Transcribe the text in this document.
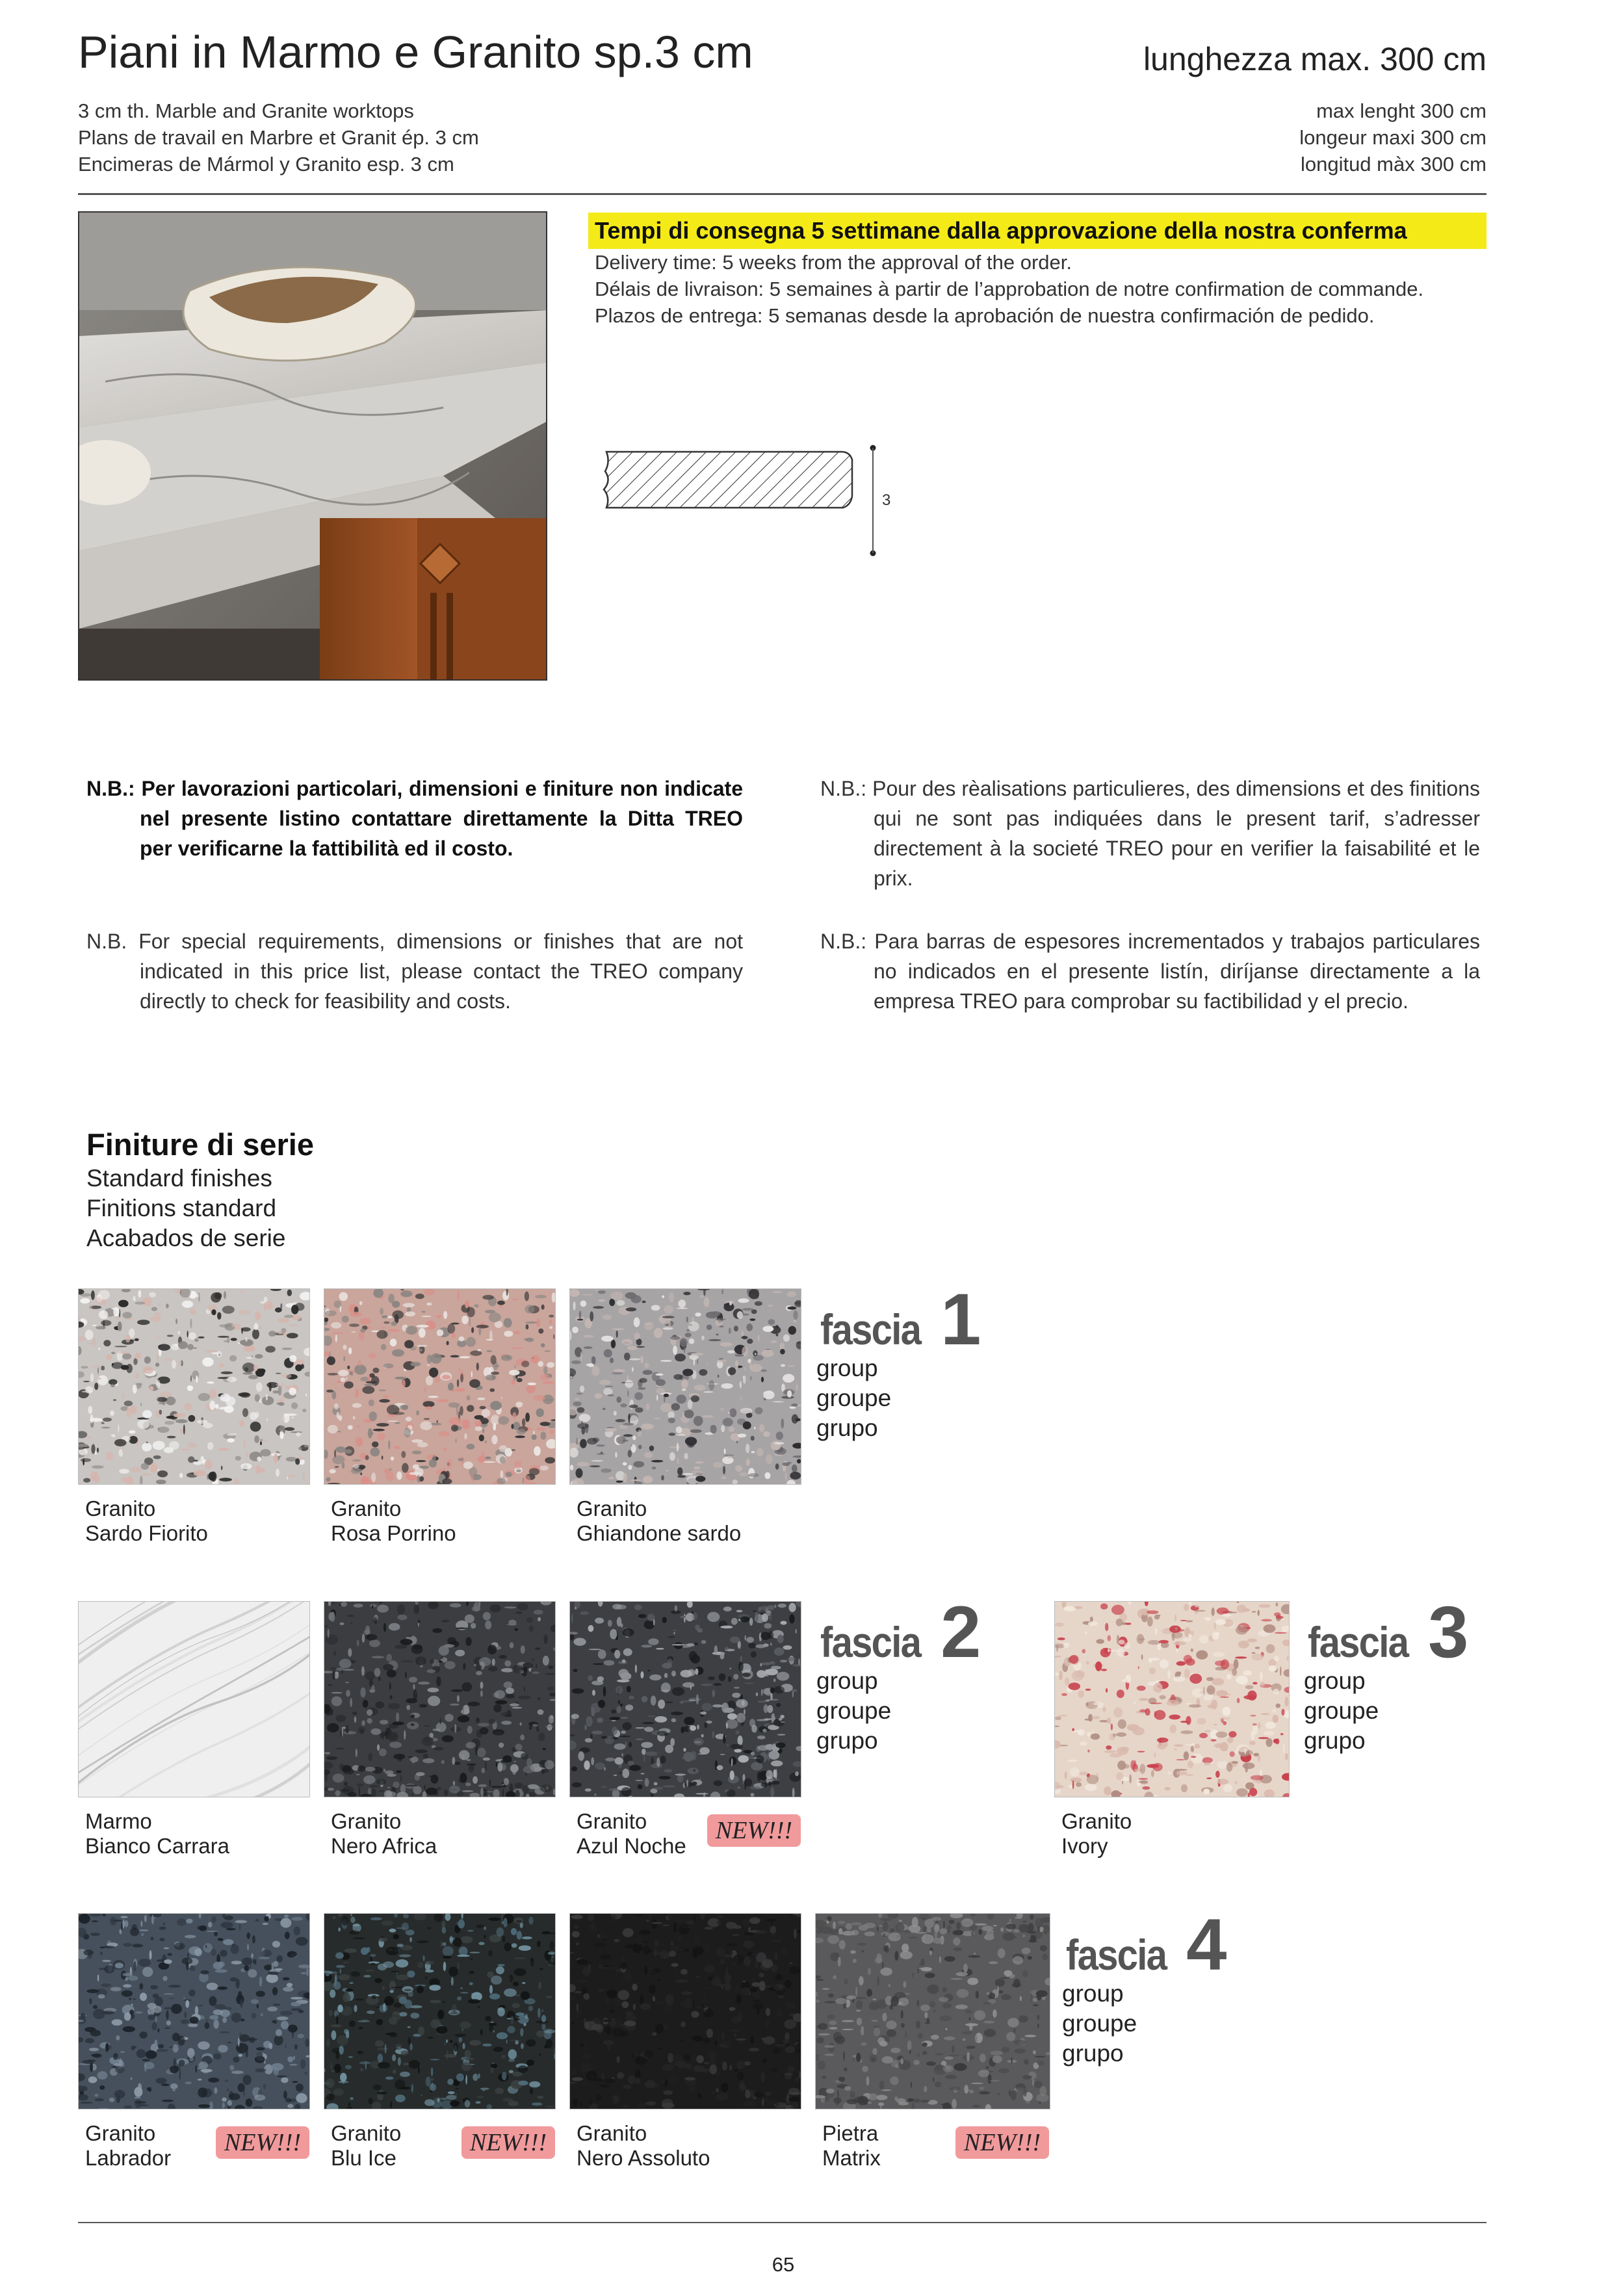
Piani in Marmo e Granito sp.3 cm	lunghezza max. 300 cm
3 cm th. Marble and Granite worktops
Plans de travail en Marbre et Granit ép. 3 cm
Encimeras de Mármol y Granito esp. 3 cm
max lenght 300 cm
longeur maxi 300 cm
longitud màx 300 cm
Tempi di consegna 5 settimane dalla approvazione della nostra conferma
Delivery time: 5 weeks from the approval of the order.
Délais de livraison: 5 semaines à partir de l’approbation de notre confirmation de commande.
Plazos de entrega: 5 semanas desde la aprobación de nuestra confirmación de pedido.
3
N.B.: Per lavorazioni particolari, dimensioni e finiture non indicate nel presente listino contattare direttamente la Ditta TREO per verificarne la fattibilità ed il costo.
N.B.: Pour des rèalisations particulieres, des dimensions et des finitions qui ne sont pas indiquées dans le present tarif, s’adresser directement à la societé TREO pour en verifier la faisabilité et le prix.
N.B. For special requirements, dimensions or finishes that are not indicated in this price list, please contact the TREO company directly to check for feasibility and costs.
N.B.: Para barras de espesores incrementados y trabajos particulares no indicados en el presente listín, diríjanse directamente a la empresa TREO para comprobar su factibilidad y el precio.
Finiture di serie
Standard finishes
Finitions standard
Acabados de serie
Granito
Sardo Fiorito
Granito
Rosa Porrino
Granito
Ghiandone sardo
fascia 1
group
groupe
grupo
Marmo
Bianco Carrara
Granito
Nero Africa
Granito
Azul Noche
NEW!!!
fascia 2
group
groupe
grupo
Granito
Ivory
fascia 3
group
groupe
grupo
Granito
Labrador
NEW!!!	Granito
Blu Ice
NEW!!!	Granito
Nero Assoluto
Pietra
Matrix
NEW!!!
fascia 4
group
groupe
grupo
65
